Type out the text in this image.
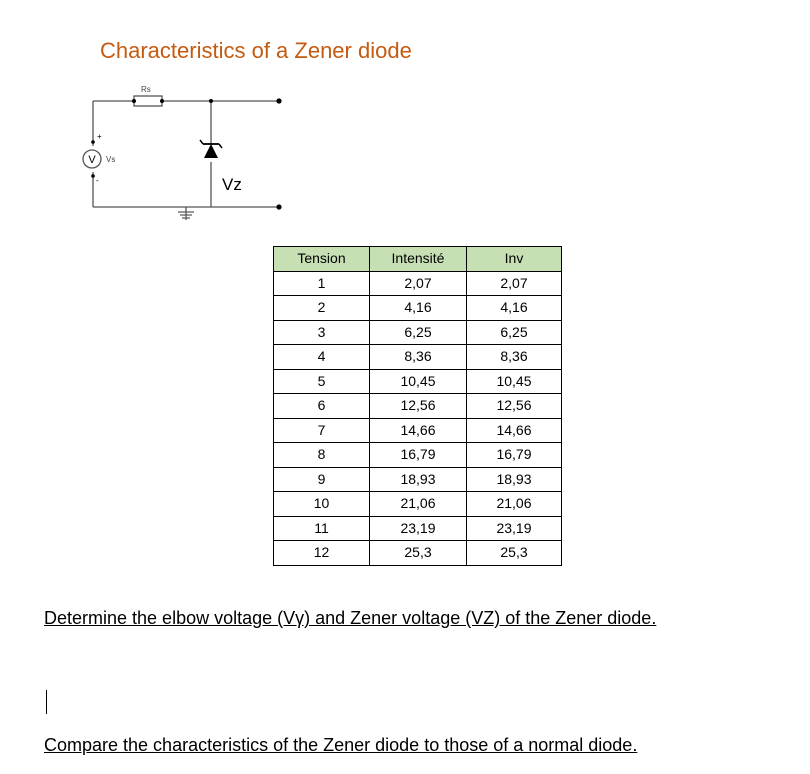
Characteristics of a Zener diode
V Vs
+
-
Rs
Vz
Tension	Intensité	Inv
1	2,07	2,07
2	4,16	4,16
3	6,25	6,25
4	8,36	8,36
5	10,45	10,45
6	12,56	12,56
7	14,66	14,66
8	16,79	16,79
9	18,93	18,93
10	21,06	21,06
11	23,19	23,19
12	25,3	25,3
Determine the elbow voltage (Vγ) and Zener voltage (VZ) of the Zener diode.
Compare the characteristics of the Zener diode to those of a normal diode.
